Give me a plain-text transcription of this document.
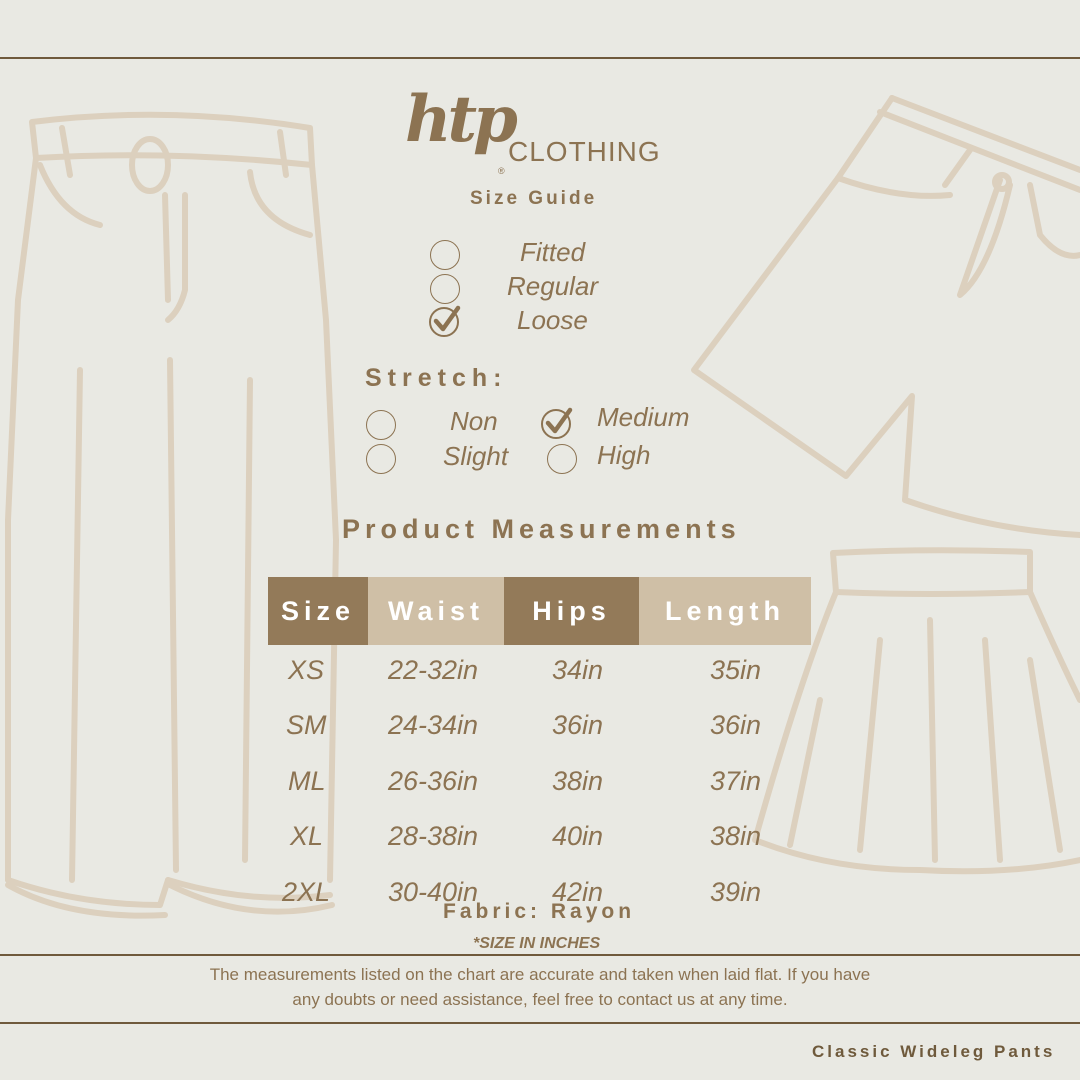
htp
®
CLOTHING
Size Guide
Fitted
Regular
Loose
Stretch:
Non
Slight
Medium
High
Product Measurements
Size	Waist	Hips	Length
XS 22-32in	34in	35in
SM 24-34in	36in	36in
ML 26-36in	38in	37in
XL 28-38in	40in	38in
2XL 30-40in	42in	39in
Fabric: Rayon
*SIZE IN INCHES
The measurements listed on the chart are accurate and taken when laid flat. If you have
any doubts or need assistance, feel free to contact us at any time.
Classic Wideleg Pants
